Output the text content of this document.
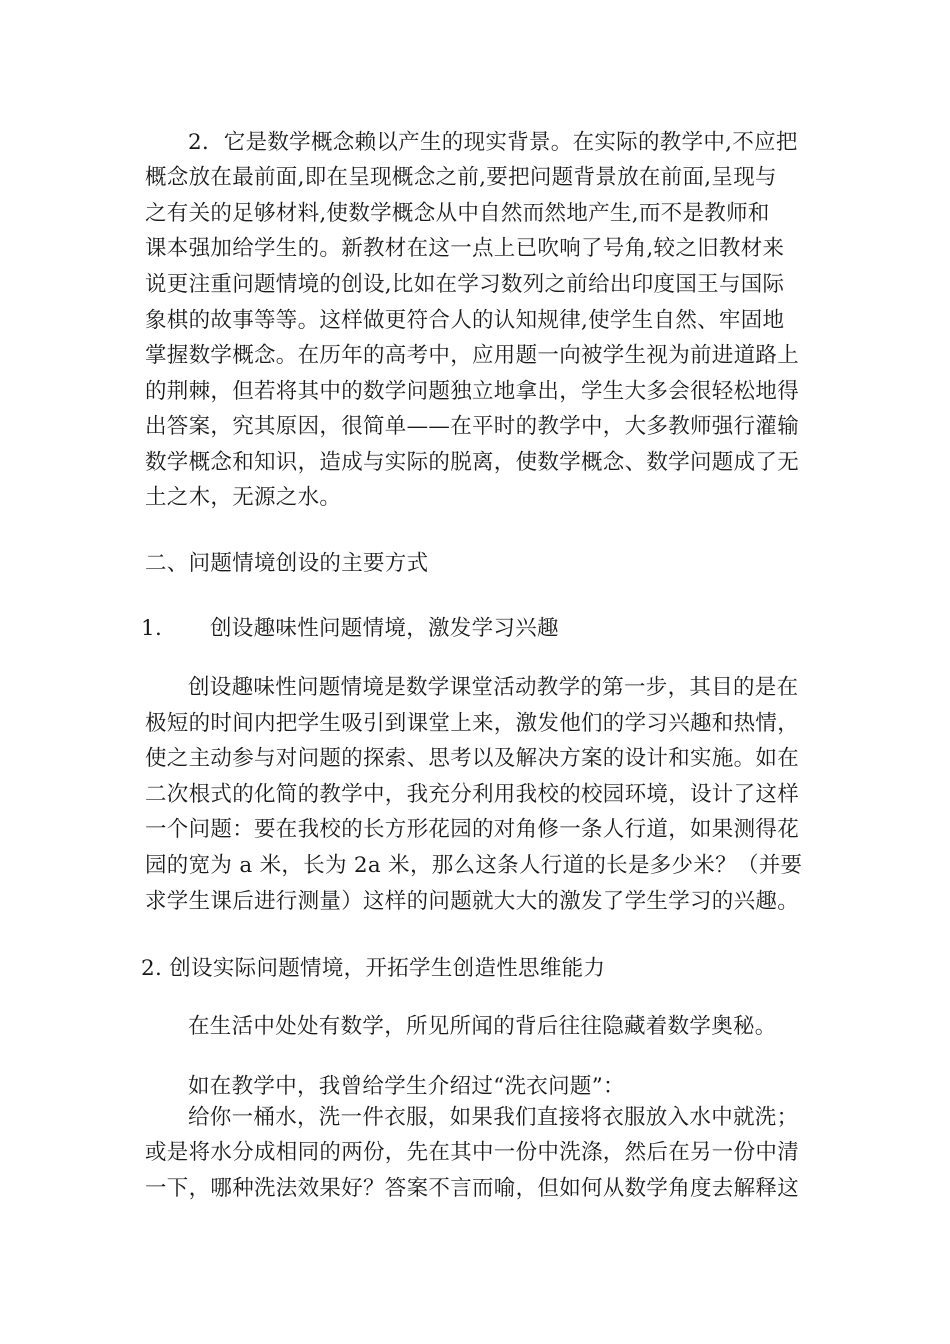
2．它是数学概念赖以产生的现实背景。在实际的教学中,不应把
概念放在最前面,即在呈现概念之前,要把问题背景放在前面,呈现与
之有关的足够材料,使数学概念从中自然而然地产生,而不是教师和
课本强加给学生的。新教材在这一点上已吹响了号角,较之旧教材来
说更注重问题情境的创设,比如在学习数列之前给出印度国王与国际
象棋的故事等等。这样做更符合人的认知规律,使学生自然、牢固地
掌握数学概念。在历年的高考中，应用题一向被学生视为前进道路上
的荆棘，但若将其中的数学问题独立地拿出，学生大多会很轻松地得
出答案，究其原因，很简单——在平时的教学中，大多教师强行灌输
数学概念和知识，造成与实际的脱离，使数学概念、数学问题成了无
土之木，无源之水。
二、问题情境创设的主要方式
1.	创设趣味性问题情境，激发学习兴趣
创设趣味性问题情境是数学课堂活动教学的第一步，其目的是在
极短的时间内把学生吸引到课堂上来，激发他们的学习兴趣和热情，
使之主动参与对问题的探索、思考以及解决方案的设计和实施。如在
二次根式的化简的教学中，我充分利用我校的校园环境，设计了这样
一个问题：要在我校的长方形花园的对角修一条人行道，如果测得花
园的宽为 a 米，长为 2a 米，那么这条人行道的长是多少米？（并要
求学生课后进行测量）这样的问题就大大的激发了学生学习的兴趣。
2. 创设实际问题情境，开拓学生创造性思维能力
在生活中处处有数学，所见所闻的背后往往隐藏着数学奥秘。
如在教学中，我曾给学生介绍过“洗衣问题”：
给你一桶水，洗一件衣服，如果我们直接将衣服放入水中就洗；
或是将水分成相同的两份，先在其中一份中洗涤，然后在另一份中清
一下，哪种洗法效果好？答案不言而喻，但如何从数学角度去解释这
